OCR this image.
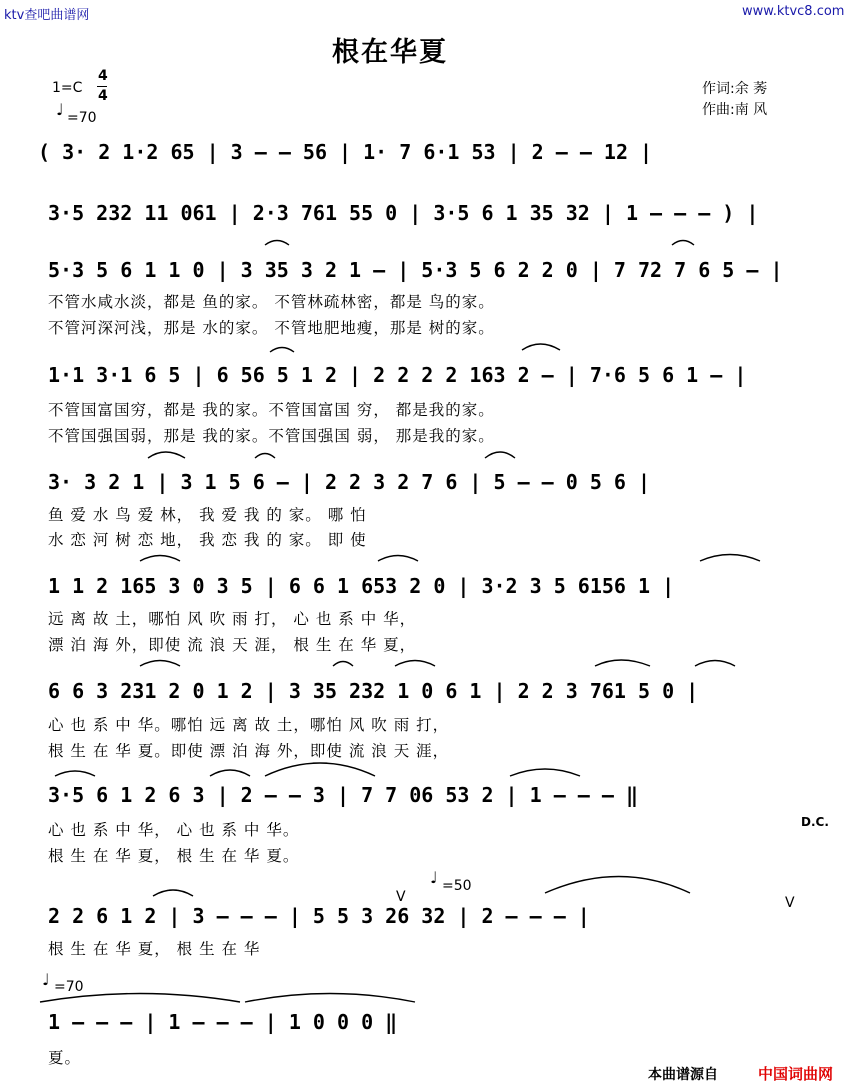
ktv查吧曲谱网	www.ktvc8.com
根在华夏
1=C
4
4
♩ =70
作词:余 莠
作曲:南 风
( 3· 2 1·2 65 | 3 – – 56 | 1· 7 6·1 53 | 2 – – 12 |
3·5 232 11 061 | 2·3 761 55 0 | 3·5 6 1 35 32 | 1 – – – ) |
5·3 5 6 1 1 0 | 3 35 3 2 1 – | 5·3 5 6 2 2 0 | 7 72 7 6 5 – |
不管水咸水淡，都是 鱼的家。 不管林疏林密，都是 鸟的家。
不管河深河浅，那是 水的家。 不管地肥地瘦，那是 树的家。
1·1 3·1 6 5 | 6 56 5 1 2 | 2 2 2 2 163 2 – | 7·6 5 6 1 – |
不管国富国穷，都是 我的家。不管国富国 穷， 都是我的家。
不管国强国弱，那是 我的家。不管国强国 弱， 那是我的家。
3· 3 2 1 | 3 1 5 6 – | 2 2 3 2 7 6 | 5 – – 0 5 6 |
鱼 爱 水 鸟 爱 林， 我 爱 我 的 家。 哪 怕
水 恋 河 树 恋 地， 我 恋 我 的 家。 即 使
1 1 2 165 3 0 3 5 | 6 6 1 653 2 0 | 3·2 3 5 6156 1 |
远 离 故 土，哪怕 风 吹 雨 打， 心 也 系 中 华，
漂 泊 海 外，即使 流 浪 天 涯， 根 生 在 华 夏，
6 6 3 231 2 0 1 2 | 3 35 232 1 0 6 1 | 2 2 3 761 5 0 |
心 也 系 中 华。哪怕 远 离 故 土，哪怕 风 吹 雨 打，
根 生 在 华 夏。即使 漂 泊 海 外，即使 流 浪 天 涯，
3·5 6 1 2 6 3 | 2 – – 3 | 7 7 06 53 2 | 1 – – – ‖
心 也 系 中 华， 心 也 系 中 华。
根 生 在 华 夏， 根 生 在 华 夏。
D.C.
♩ =50
2 2 6 1 2 | 3 – – – | 5 5 3 26 32 | 2 – – – |
V	V
根 生 在 华 夏， 根 生 在 华
♩ =70
1 – – – | 1 – – – | 1 0 0 0 ‖
夏。
本曲谱源自	中国词曲网
